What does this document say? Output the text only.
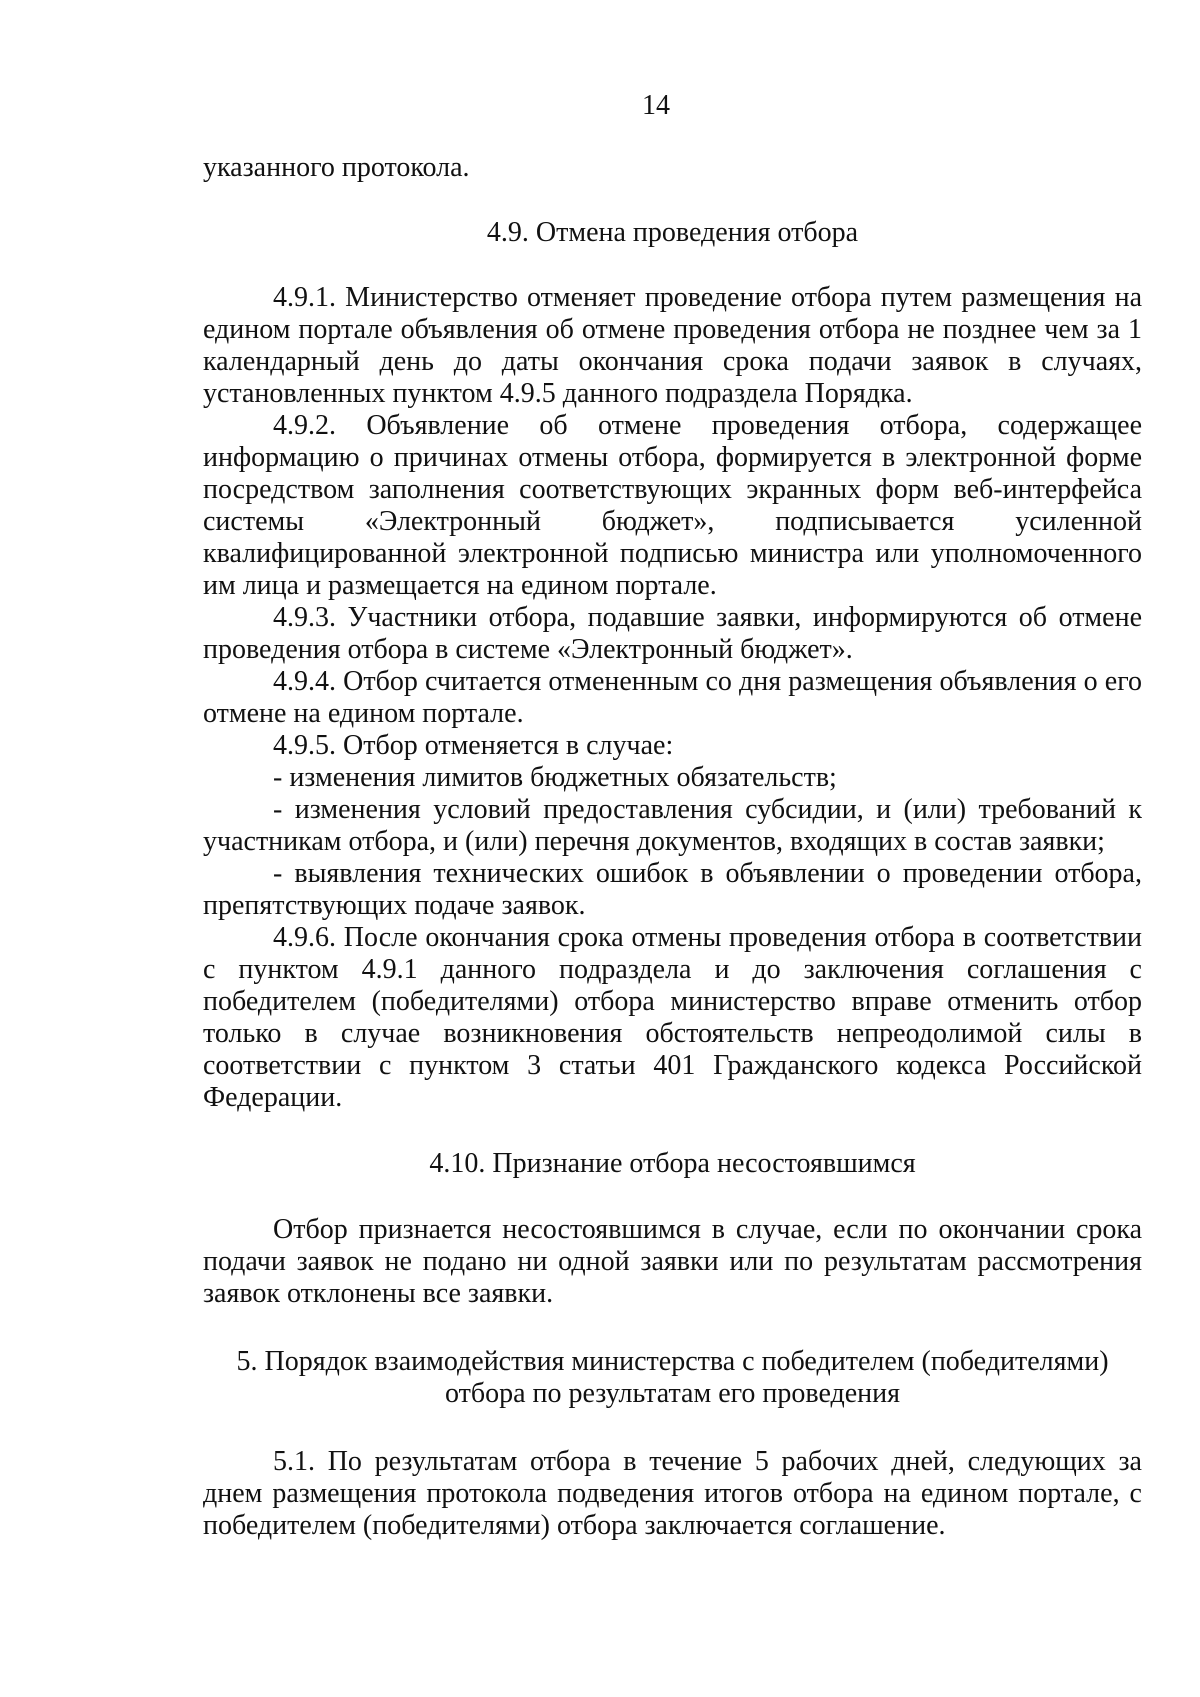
14

указанного протокола.

4.9. Отмена проведения отбора

4.9.1. Министерство отменяет проведение отбора путем размещения на едином портале объявления об отмене проведения отбора не позднее чем за 1 календарный день до даты окончания срока подачи заявок в случаях, установленных пунктом 4.9.5 данного подраздела Порядка.

4.9.2. Объявление об отмене проведения отбора, содержащее информацию о причинах отмены отбора, формируется в электронной форме посредством заполнения соответствующих экранных форм веб-интерфейса системы «Электронный бюджет», подписывается усиленной квалифицированной электронной подписью министра или уполномоченного им лица и размещается на едином портале.

4.9.3. Участники отбора, подавшие заявки, информируются об отмене проведения отбора в системе «Электронный бюджет».

4.9.4. Отбор считается отмененным со дня размещения объявления о его отмене на едином портале.

4.9.5. Отбор отменяется в случае:

- изменения лимитов бюджетных обязательств;

- изменения условий предоставления субсидии, и (или) требований к участникам отбора, и (или) перечня документов, входящих в состав заявки;

- выявления технических ошибок в объявлении о проведении отбора, препятствующих подаче заявок.

4.9.6. После окончания срока отмены проведения отбора в соответствии с пунктом 4.9.1 данного подраздела и до заключения соглашения с победителем (победителями) отбора министерство вправе отменить отбор только в случае возникновения обстоятельств непреодолимой силы в соответствии с пунктом 3 статьи 401 Гражданского кодекса Российской Федерации.

4.10. Признание отбора несостоявшимся

Отбор признается несостоявшимся в случае, если по окончании срока подачи заявок не подано ни одной заявки или по результатам рассмотрения заявок отклонены все заявки.

5. Порядок взаимодействия министерства с победителем (победителями)
отбора по результатам его проведения

5.1. По результатам отбора в течение 5 рабочих дней, следующих за днем размещения протокола подведения итогов отбора на едином портале, с победителем (победителями) отбора заключается соглашение.
